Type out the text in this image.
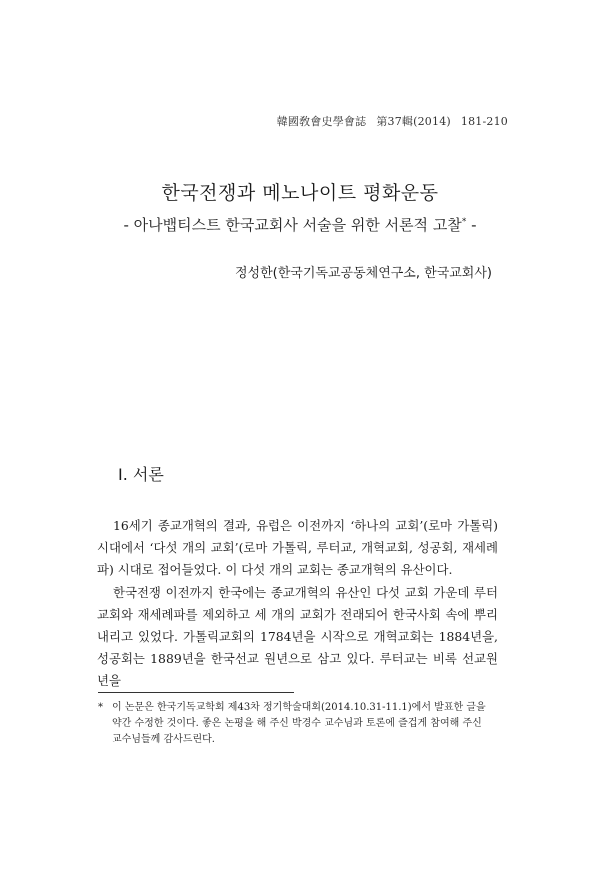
韓國敎會史學會誌 第37輯(2014) 181-210
한국전쟁과 메노나이트 평화운동
- 아나뱁티스트 한국교회사 서술을 위한 서론적 고찰* -
정성한(한국기독교공동체연구소, 한국교회사)
I. 서론

16세기 종교개혁의 결과, 유럽은 이전까지 ‘하나의 교회’(로마 가톨릭) 시대에서 ‘다섯 개의 교회’(로마 가톨릭, 루터교, 개혁교회, 성공회, 재세례파) 시대로 접어들었다. 이 다섯 개의 교회는 종교개혁의 유산이다.

한국전쟁 이전까지 한국에는 종교개혁의 유산인 다섯 교회 가운데 루터교회와 재세례파를 제외하고 세 개의 교회가 전래되어 한국사회 속에 뿌리내리고 있었다. 가톨릭교회의 1784년을 시작으로 개혁교회는 1884년을, 성공회는 1889년을 한국선교 원년으로 삼고 있다. 루터교는 비록 선교원년을

* 이 논문은 한국기독교학회 제43차 정기학술대회(2014.10.31-11.1)에서 발표한 글을 약간 수정한 것이다. 좋은 논평을 해 주신 박경수 교수님과 토론에 즐겁게 참여해 주신 교수님들께 감사드린다.
